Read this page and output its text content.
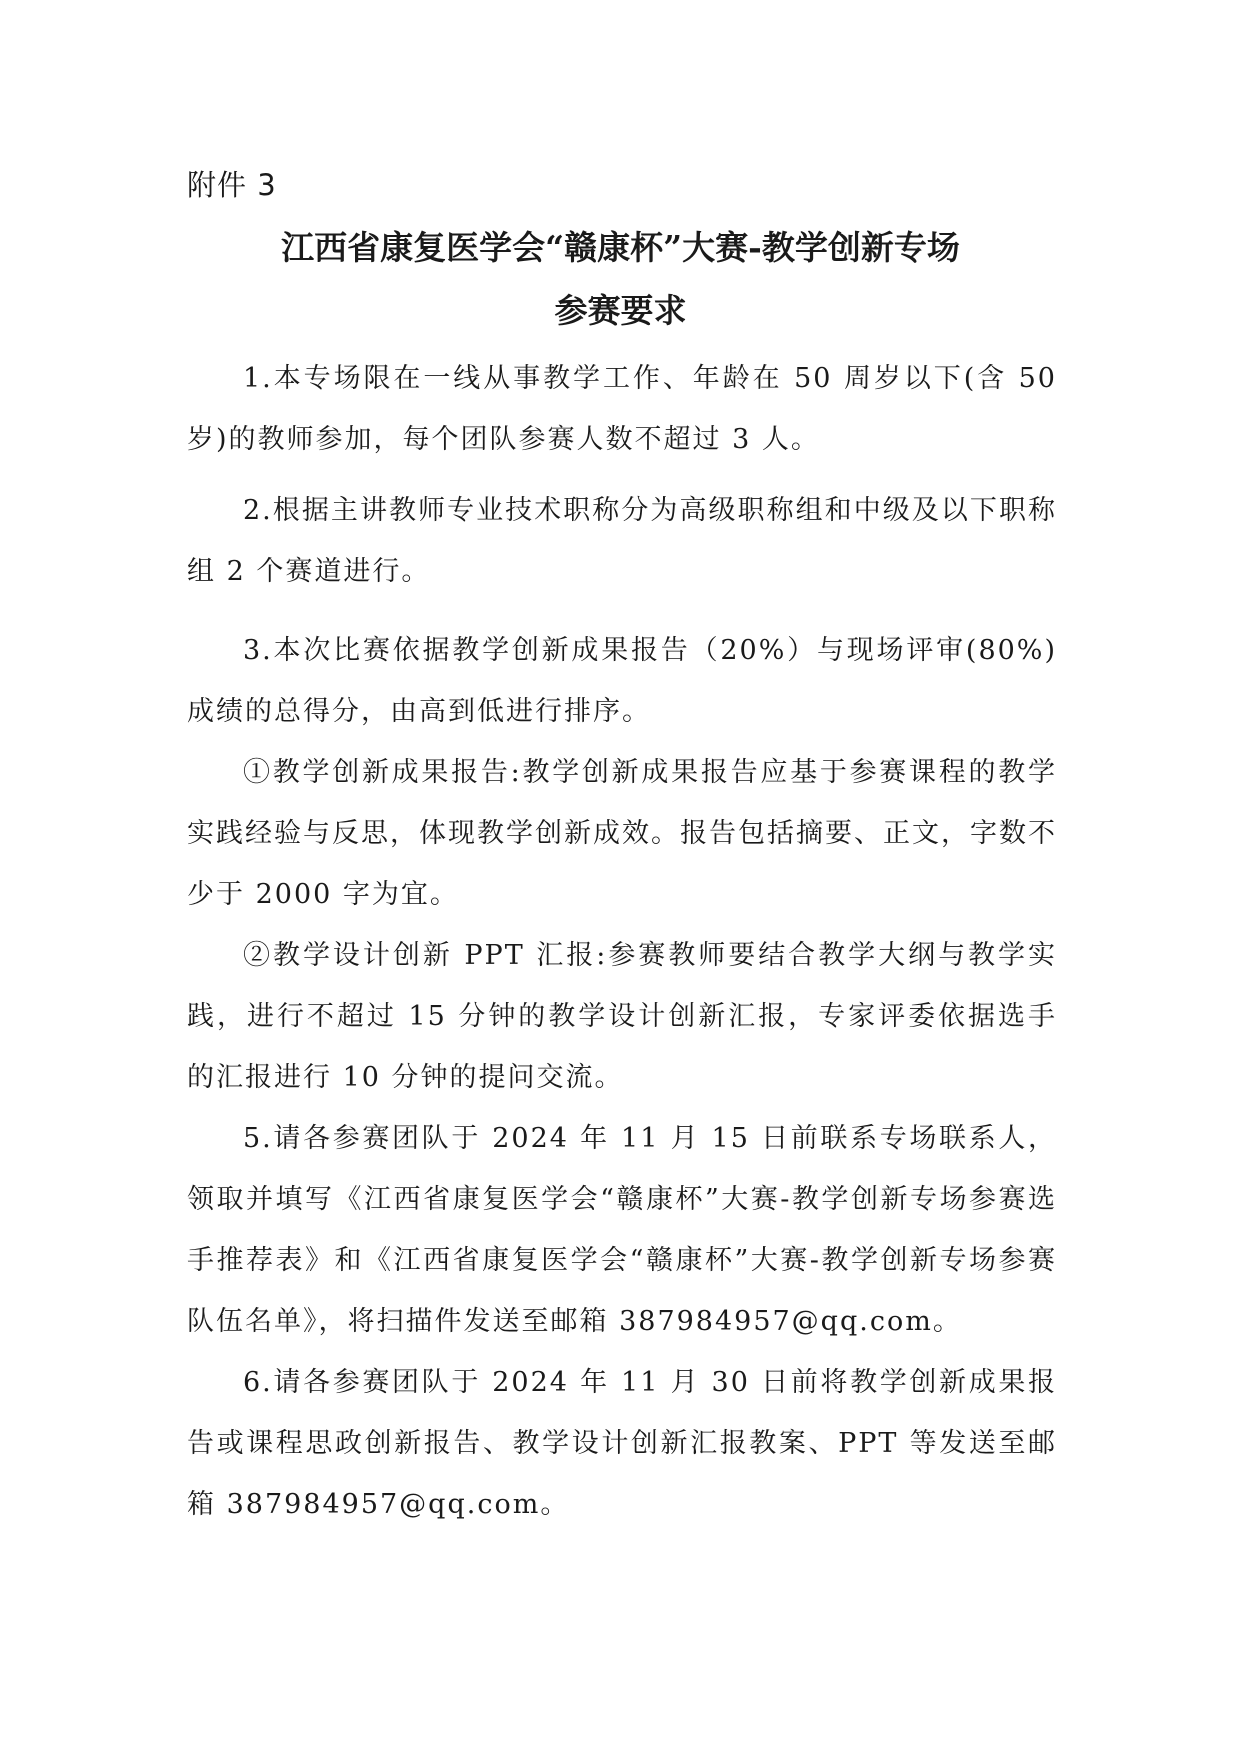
附件 3
江西省康复医学会“赣康杯”大赛-教学创新专场
参赛要求

1.本专场限在一线从事教学工作、年龄在 50 周岁以下(含 50 岁)的教师参加，每个团队参赛人数不超过 3 人。

2.根据主讲教师专业技术职称分为高级职称组和中级及以下职称组 2 个赛道进行。

3.本次比赛依据教学创新成果报告（20%）与现场评审(80%)成绩的总得分，由高到低进行排序。

①教学创新成果报告:教学创新成果报告应基于参赛课程的教学实践经验与反思，体现教学创新成效。报告包括摘要、正文，字数不少于 2000 字为宜。

②教学设计创新 PPT 汇报:参赛教师要结合教学大纲与教学实践，进行不超过 15 分钟的教学设计创新汇报，专家评委依据选手的汇报进行 10 分钟的提问交流。

5.请各参赛团队于 2024 年 11 月 15 日前联系专场联系人，领取并填写《江西省康复医学会“赣康杯”大赛-教学创新专场参赛选手推荐表》和《江西省康复医学会“赣康杯”大赛-教学创新专场参赛队伍名单》，将扫描件发送至邮箱 387984957@qq.com。

6.请各参赛团队于 2024 年 11 月 30 日前将教学创新成果报告或课程思政创新报告、教学设计创新汇报教案、PPT 等发送至邮箱 387984957@qq.com。
